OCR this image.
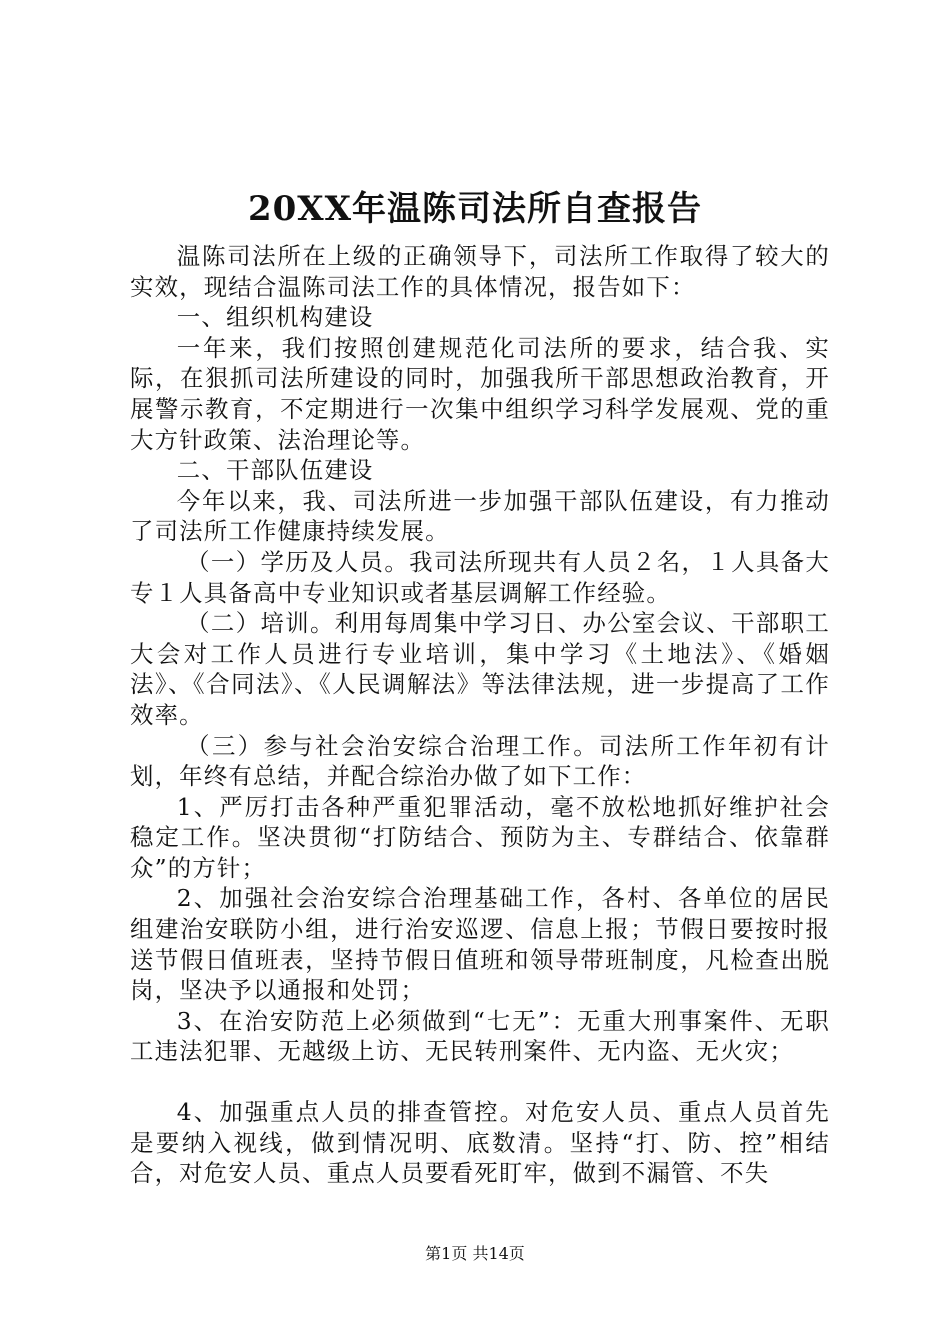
20XX年温陈司法所自查报告

温陈司法所在上级的正确领导下，司法所工作取得了较大的实效，现结合温陈司法工作的具体情况，报告如下：

一、组织机构建设

一年来，我们按照创建规范化司法所的要求，结合我、实际，在狠抓司法所建设的同时，加强我所干部思想政治教育，开展警示教育，不定期进行一次集中组织学习科学发展观、党的重大方针政策、法治理论等。

二、干部队伍建设

今年以来，我、司法所进一步加强干部队伍建设，有力推动了司法所工作健康持续发展。

（一）学历及人员。我司法所现共有人员２名，１人具备大专１人具备高中专业知识或者基层调解工作经验。

（二）培训。利用每周集中学习日、办公室会议、干部职工大会对工作人员进行专业培训，集中学习《土地法》、《婚姻法》、《合同法》、《人民调解法》等法律法规，进一步提高了工作效率。

（三）参与社会治安综合治理工作。司法所工作年初有计划，年终有总结，并配合综治办做了如下工作：

1、严厉打击各种严重犯罪活动，毫不放松地抓好维护社会稳定工作。坚决贯彻“打防结合、预防为主、专群结合、依靠群众”的方针；

2、加强社会治安综合治理基础工作，各村、各单位的居民组建治安联防小组，进行治安巡逻、信息上报；节假日要按时报送节假日值班表，坚持节假日值班和领导带班制度，凡检查出脱岗，坚决予以通报和处罚；

3、在治安防范上必须做到“七无”：无重大刑事案件、无职工违法犯罪、无越级上访、无民转刑案件、无内盗、无火灾；

4、加强重点人员的排查管控。对危安人员、重点人员首先是要纳入视线，做到情况明、底数清。坚持“打、防、控”相结合，对危安人员、重点人员要看死盯牢，做到不漏管、不失

第1页 共14页
